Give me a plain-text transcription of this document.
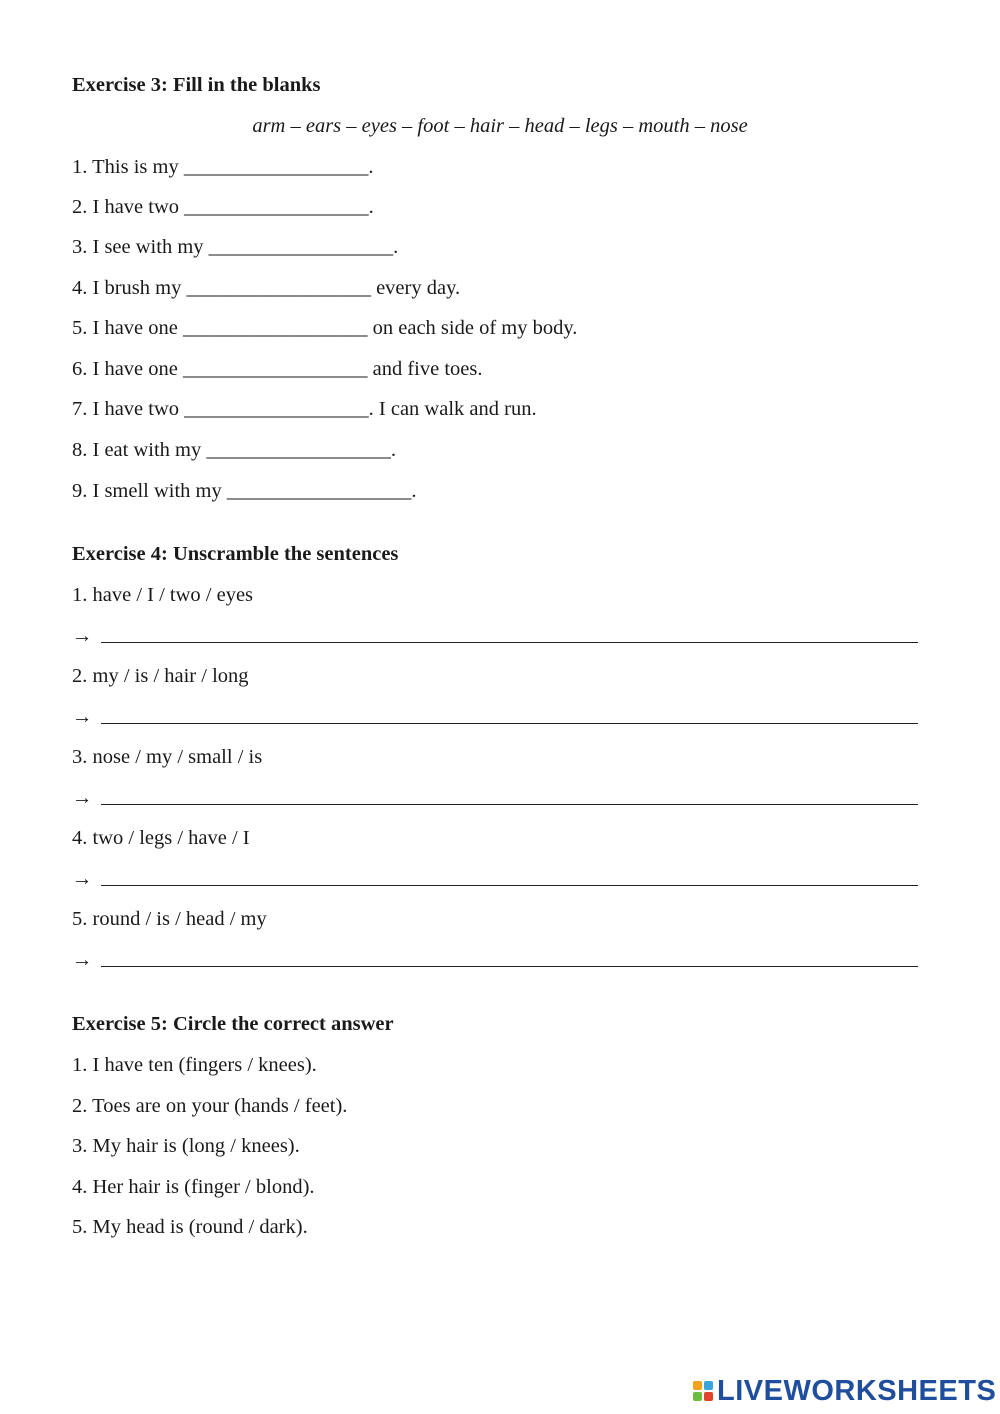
Exercise 3: Fill in the blanks
arm – ears – eyes – foot – hair – head – legs – mouth – nose
1. This is my __________________.
2. I have two __________________.
3. I see with my __________________.
4. I brush my __________________ every day.
5. I have one __________________ on each side of my body.
6. I have one __________________ and five toes.
7. I have two __________________. I can walk and run.
8. I eat with my __________________.
9. I smell with my __________________.
Exercise 4: Unscramble the sentences
1. have / I / two / eyes
→
2. my / is / hair / long
→
3. nose / my / small / is
→
4. two / legs / have / I
→
5. round / is / head / my
→
Exercise 5: Circle the correct answer
1. I have ten (fingers / knees).
2. Toes are on your (hands / feet).
3. My hair is (long / knees).
4. Her hair is (finger / blond).
5. My head is (round / dark).
LIVEWORKSHEETS
